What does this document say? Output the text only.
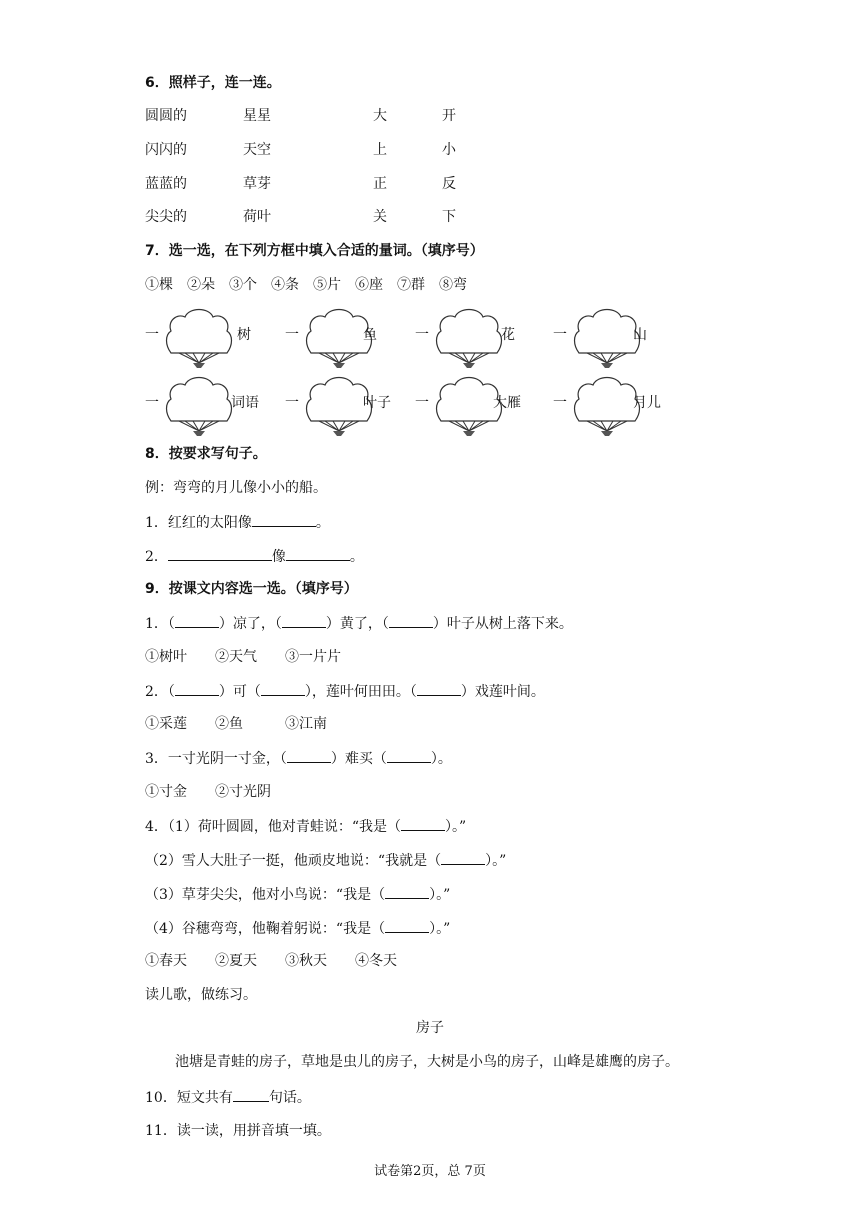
6．照样子，连一连。
圆圆的	星星	大	开
闪闪的	天空	上	小
蓝蓝的	草芽	正	反
尖尖的	荷叶	关	下
7．选一选，在下列方框中填入合适的量词。（填序号）
①棵　②朵　③个　④条　⑤片　⑥座　⑦群　⑧弯
一	树 一	鱼	一	花	一	山
一	词语 一	叶子 一	大雁 一	月儿
8．按要求写句子。
例：弯弯的月儿像小小的船。
1．红红的太阳像	。
2．	像	。
9．按课文内容选一选。（填序号）
1．（	）凉了，（	）黄了，（	）叶子从树上落下来。
①树叶　　②天气　　③一片片
2．（	）可（	），莲叶何田田。（	）戏莲叶间。
①采莲　　②鱼　　　③江南
3．一寸光阴一寸金，（	）难买（	）。
①寸金　　②寸光阴
4．（1）荷叶圆圆，他对青蛙说：“我是（	）。”
（2）雪人大肚子一挺，他顽皮地说：“我就是（	）。”
（3）草芽尖尖，他对小鸟说：“我是（	）。”
（4）谷穗弯弯，他鞠着躬说：“我是（	）。”
①春天　　②夏天　　③秋天　　④冬天
读儿歌，做练习。
房子
池塘是青蛙的房子，草地是虫儿的房子，大树是小鸟的房子，山峰是雄鹰的房子。
10．短文共有	句话。
11．读一读，用拼音填一填。
试卷第2页，总 7页
